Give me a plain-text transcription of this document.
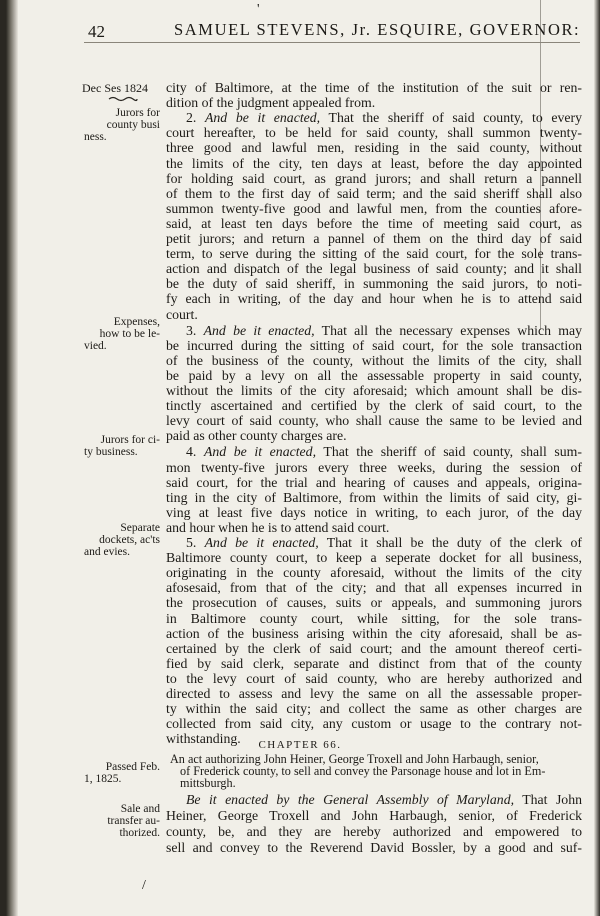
'
42	SAMUEL STEVENS, Jr. ESQUIRE, GOVERNOR:
Dec Ses 1824
Jurors for
county busi
ness.
Expenses,
how to be le-
vied.
Jurors for ci-
ty business.
Separate
dockets, ac'ts
and evies.
Passed Feb.
1, 1825.
Sale and
transfer au-
thorized.
city of Baltimore, at the time of the institution of the suit or ren-
dition of the judgment appealed from.
2. And be it enacted, That the sheriff of said county, to every
court hereafter, to be held for said county, shall summon twenty-
three good and lawful men, residing in the said county, without
the limits of the city, ten days at least, before the day appointed
for holding said court, as grand jurors; and shall return a pannell
of them to the first day of said term; and the said sheriff shall also
summon twenty-five good and lawful men, from the counties afore-
said, at least ten days before the time of meeting said court, as
petit jurors; and return a pannel of them on the third day of said
term, to serve during the sitting of the said court, for the sole trans-
action and dispatch of the legal business of said county; and it shall
be the duty of said sheriff, in summoning the said jurors, to noti-
fy each in writing, of the day and hour when he is to attend said
court.
3. And be it enacted, That all the necessary expenses which may
be incurred during the sitting of said court, for the sole transaction
of the business of the county, without the limits of the city, shall
be paid by a levy on all the assessable property in said county,
without the limits of the city aforesaid; which amount shall be dis-
tinctly ascertained and certified by the clerk of said court, to the
levy court of said county, who shall cause the same to be levied and
paid as other county charges are.
4. And be it enacted, That the sheriff of said county, shall sum-
mon twenty-five jurors every three weeks, during the session of
said court, for the trial and hearing of causes and appeals, origina-
ting in the city of Baltimore, from within the limits of said city, gi-
ving at least five days notice in writing, to each juror, of the day
and hour when he is to attend said court.
5. And be it enacted, That it shall be the duty of the clerk of
Baltimore county court, to keep a seperate docket for all business,
originating in the county aforesaid, without the limits of the city
afosesaid, from that of the city; and that all expenses incurred in
the prosecution of causes, suits or appeals, and summoning jurors
in Baltimore county court, while sitting, for the sole trans-
action of the business arising within the city aforesaid, shall be as-
certained by the clerk of said court; and the amount thereof certi-
fied by said clerk, separate and distinct from that of the county
to the levy court of said county, who are hereby authorized and
directed to assess and levy the same on all the assessable proper-
ty within the said city; and collect the same as other charges are
collected from said city, any custom or usage to the contrary not-
withstanding.	CHAPTER 66.
An act authorizing John Heiner, George Troxell and John Harbaugh, senior,
of Frederick county, to sell and convey the Parsonage house and lot in Em-
mittsburgh.
Be it enacted by the General Assembly of Maryland, That John
Heiner, George Troxell and John Harbaugh, senior, of Frederick
county, be, and they are hereby authorized and empowered to
sell and convey to the Reverend David Bossler, by a good and suf-
/
